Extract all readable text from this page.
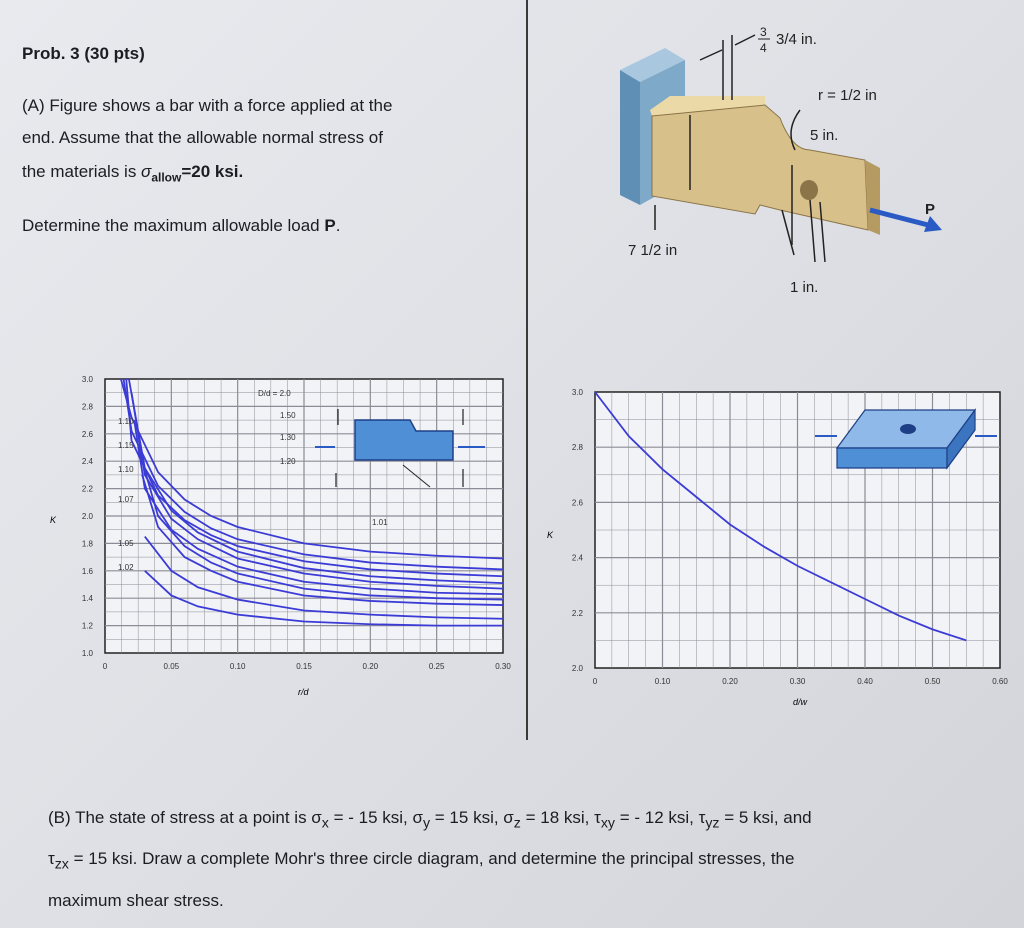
Prob. 3 (30 pts)
(A) Figure shows a bar with a force applied at the
end. Assume that the allowable normal stress of
the materials is $\sigma_{allow}=20$ ksi.
Determine the maximum allowable load P.
3
4 3/4 in.
r = 1/2 in
5 in.
7 1/2 in
1 in.
P
0	0.05	0.10	0.15	0.20	0.25	0.30
1.0
1.2
1.4
1.6
1.8
2.0
2.2
2.4
2.6
2.8
3.0
D/d = 2.0
1.50
1.30
1.20
1.10
1.15
1.10
1.07
1.05
1.02
1.01
K
r/d
0	0.10	0.20	0.30	0.40	0.50	0.60
2.0
2.2
2.4
2.6
2.8
3.0
K
d/w
(B) The state of stress at a point is $\sigma_x$ = - 15 ksi, $\sigma_y = 15$ ksi, $\sigma_z = 18$ ksi, $\tau_{xy}$ = - 12 ksi, $\tau_{yz} = 5$ ksi, and
$\tau_{zx} = 15$ ksi. Draw a complete Mohr's three circle diagram, and determine the principal stresses, the
maximum shear stress.
